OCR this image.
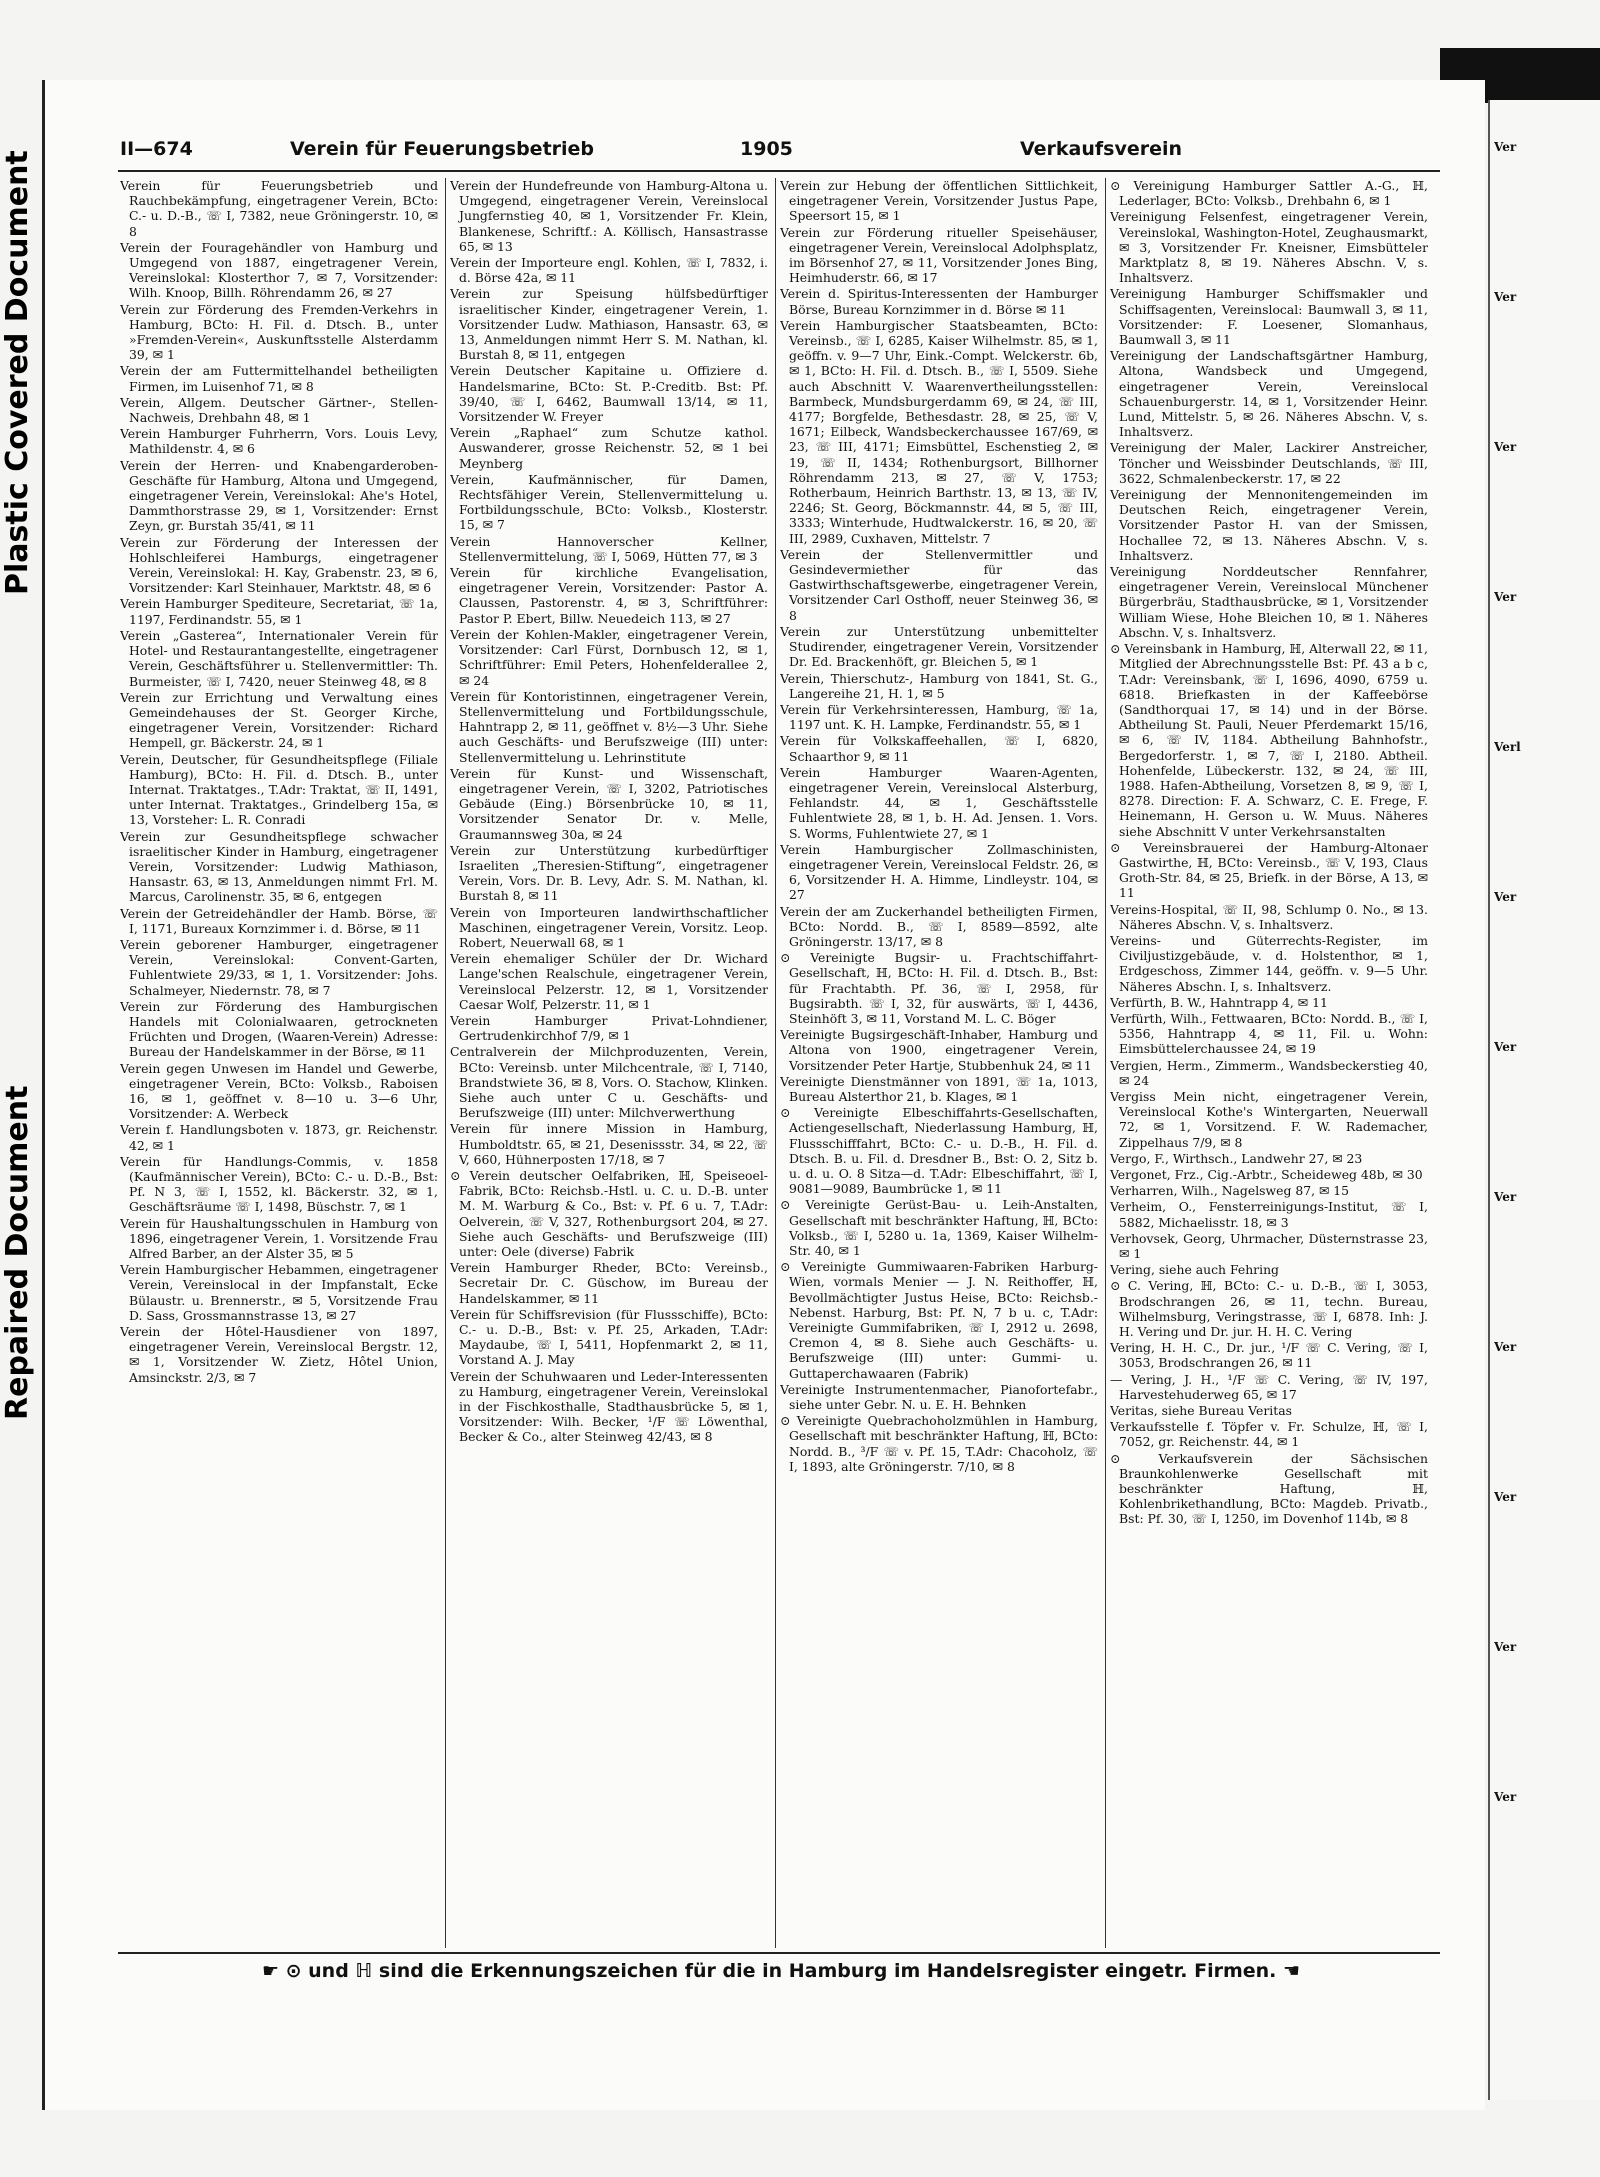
Plastic Covered Document
Repaired Document
II—674	Verein für Feuerungsbetrieb	1905	Verkaufsverein
Verein für Feuerungsbetrieb und Rauchbekämpfung, eingetragener Verein, BCto: C.- u. D.-B., ☏ I, 7382, neue Gröningerstr. 10, ✉ 8
Verein der Fouragehändler von Hamburg und Umgegend von 1887, eingetragener Verein, Vereinslokal: Klosterthor 7, ✉ 7, Vorsitzender: Wilh. Knoop, Billh. Röhrendamm 26, ✉ 27
Verein zur Förderung des Fremden-Verkehrs in Hamburg, BCto: H. Fil. d. Dtsch. B., unter »Fremden-Verein«, Auskunftsstelle Alsterdamm 39, ✉ 1
Verein der am Futtermittelhandel betheiligten Firmen, im Luisenhof 71, ✉ 8
Verein, Allgem. Deutscher Gärtner-, Stellen-Nachweis, Drehbahn 48, ✉ 1
Verein Hamburger Fuhrherrn, Vors. Louis Levy, Mathildenstr. 4, ✉ 6
Verein der Herren- und Knabengarderoben-Geschäfte für Hamburg, Altona und Umgegend, eingetragener Verein, Vereinslokal: Ahe's Hotel, Dammthorstrasse 29, ✉ 1, Vorsitzender: Ernst Zeyn, gr. Burstah 35/41, ✉ 11
Verein zur Förderung der Interessen der Hohlschleiferei Hamburgs, eingetragener Verein, Vereinslokal: H. Kay, Grabenstr. 23, ✉ 6, Vorsitzender: Karl Steinhauer, Marktstr. 48, ✉ 6
Verein Hamburger Spediteure, Secretariat, ☏ 1a, 1197, Ferdinandstr. 55, ✉ 1
Verein „Gasterea“, Internationaler Verein für Hotel- und Restaurantangestellte, eingetragener Verein, Geschäftsführer u. Stellenvermittler: Th. Burmeister, ☏ I, 7420, neuer Steinweg 48, ✉ 8
Verein zur Errichtung und Verwaltung eines Gemeindehauses der St. Georger Kirche, eingetragener Verein, Vorsitzender: Richard Hempell, gr. Bäckerstr. 24, ✉ 1
Verein, Deutscher, für Gesundheitspflege (Filiale Hamburg), BCto: H. Fil. d. Dtsch. B., unter Internat. Traktatges., T.Adr: Traktat, ☏ II, 1491, unter Internat. Traktatges., Grindelberg 15a, ✉ 13, Vorsteher: L. R. Conradi
Verein zur Gesundheitspflege schwacher israelitischer Kinder in Hamburg, eingetragener Verein, Vorsitzender: Ludwig Mathiason, Hansastr. 63, ✉ 13, Anmeldungen nimmt Frl. M. Marcus, Carolinenstr. 35, ✉ 6, entgegen
Verein der Getreidehändler der Hamb. Börse, ☏ I, 1171, Bureaux Kornzimmer i. d. Börse, ✉ 11
Verein geborener Hamburger, eingetragener Verein, Vereinslokal: Convent-Garten, Fuhlentwiete 29/33, ✉ 1, 1. Vorsitzender: Johs. Schalmeyer, Niedernstr. 78, ✉ 7
Verein zur Förderung des Hamburgischen Handels mit Colonialwaaren, getrockneten Früchten und Drogen, (Waaren-Verein) Adresse: Bureau der Handelskammer in der Börse, ✉ 11
Verein gegen Unwesen im Handel und Gewerbe, eingetragener Verein, BCto: Volksb., Raboisen 16, ✉ 1, geöffnet v. 8—10 u. 3—6 Uhr, Vorsitzender: A. Werbeck
Verein f. Handlungsboten v. 1873, gr. Reichenstr. 42, ✉ 1
Verein für Handlungs-Commis, v. 1858 (Kaufmännischer Verein), BCto: C.- u. D.-B., Bst: Pf. N 3, ☏ I, 1552, kl. Bäckerstr. 32, ✉ 1, Geschäftsräume ☏ I, 1498, Büschstr. 7, ✉ 1
Verein für Haushaltungsschulen in Hamburg von 1896, eingetragener Verein, 1. Vorsitzende Frau Alfred Barber, an der Alster 35, ✉ 5
Verein Hamburgischer Hebammen, eingetragener Verein, Vereinslocal in der Impfanstalt, Ecke Bülaustr. u. Brennerstr., ✉ 5, Vorsitzende Frau D. Sass, Grossmannstrasse 13, ✉ 27
Verein der Hôtel-Hausdiener von 1897, eingetragener Verein, Vereinslocal Bergstr. 12, ✉ 1, Vorsitzender W. Zietz, Hôtel Union, Amsinckstr. 2/3, ✉ 7
Verein der Hundefreunde von Hamburg-Altona u. Umgegend, eingetragener Verein, Vereinslocal Jungfernstieg 40, ✉ 1, Vorsitzender Fr. Klein, Blankenese, Schriftf.: A. Köllisch, Hansastrasse 65, ✉ 13
Verein der Importeure engl. Kohlen, ☏ I, 7832, i. d. Börse 42a, ✉ 11
Verein zur Speisung hülfsbedürftiger israelitischer Kinder, eingetragener Verein, 1. Vorsitzender Ludw. Mathiason, Hansastr. 63, ✉ 13, Anmeldungen nimmt Herr S. M. Nathan, kl. Burstah 8, ✉ 11, entgegen
Verein Deutscher Kapitaine u. Offiziere d. Handelsmarine, BCto: St. P.-Creditb. Bst: Pf. 39/40, ☏ I, 6462, Baumwall 13/14, ✉ 11, Vorsitzender W. Freyer
Verein „Raphael“ zum Schutze kathol. Auswanderer, grosse Reichenstr. 52, ✉ 1 bei Meynberg
Verein, Kaufmännischer, für Damen, Rechtsfähiger Verein, Stellenvermittelung u. Fortbildungsschule, BCto: Volksb., Klosterstr. 15, ✉ 7
Verein Hannoverscher Kellner, Stellenvermittelung, ☏ I, 5069, Hütten 77, ✉ 3
Verein für kirchliche Evangelisation, eingetragener Verein, Vorsitzender: Pastor A. Claussen, Pastorenstr. 4, ✉ 3, Schriftführer: Pastor P. Ebert, Billw. Neuedeich 113, ✉ 27
Verein der Kohlen-Makler, eingetragener Verein, Vorsitzender: Carl Fürst, Dornbusch 12, ✉ 1, Schriftführer: Emil Peters, Hohenfelderallee 2, ✉ 24
Verein für Kontoristinnen, eingetragener Verein, Stellenvermittelung und Fortbildungsschule, Hahntrapp 2, ✉ 11, geöffnet v. 8½—3 Uhr. Siehe auch Geschäfts- und Berufszweige (III) unter: Stellenvermittelung u. Lehrinstitute
Verein für Kunst- und Wissenschaft, eingetragener Verein, ☏ I, 3202, Patriotisches Gebäude (Eing.) Börsenbrücke 10, ✉ 11, Vorsitzender Senator Dr. v. Melle, Graumannsweg 30a, ✉ 24
Verein zur Unterstützung kurbedürftiger Israeliten „Theresien-Stiftung“, eingetragener Verein, Vors. Dr. B. Levy, Adr. S. M. Nathan, kl. Burstah 8, ✉ 11
Verein von Importeuren landwirthschaftlicher Maschinen, eingetragener Verein, Vorsitz. Leop. Robert, Neuerwall 68, ✉ 1
Verein ehemaliger Schüler der Dr. Wichard Lange'schen Realschule, eingetragener Verein, Vereinslocal Pelzerstr. 12, ✉ 1, Vorsitzender Caesar Wolf, Pelzerstr. 11, ✉ 1
Verein Hamburger Privat-Lohndiener, Gertrudenkirchhof 7/9, ✉ 1
Centralverein der Milchproduzenten, Verein, BCto: Vereinsb. unter Milchcentrale, ☏ I, 7140, Brandstwiete 36, ✉ 8, Vors. O. Stachow, Klinken. Siehe auch unter C u. Geschäfts- und Berufszweige (III) unter: Milchverwerthung
Verein für innere Mission in Hamburg, Humboldtstr. 65, ✉ 21, Desenissstr. 34, ✉ 22, ☏ V, 660, Hühnerposten 17/18, ✉ 7
⊙ Verein deutscher Oelfabriken, ℍ, Speiseoel-Fabrik, BCto: Reichsb.-Hstl. u. C. u. D.-B. unter M. M. Warburg & Co., Bst: v. Pf. 6 u. 7, T.Adr: Oelverein, ☏ V, 327, Rothenburgsort 204, ✉ 27. Siehe auch Geschäfts- und Berufszweige (III) unter: Oele (diverse) Fabrik
Verein Hamburger Rheder, BCto: Vereinsb., Secretair Dr. C. Güschow, im Bureau der Handelskammer, ✉ 11
Verein für Schiffsrevision (für Flussschiffe), BCto: C.- u. D.-B., Bst: v. Pf. 25, Arkaden, T.Adr: Maydaube, ☏ I, 5411, Hopfenmarkt 2, ✉ 11, Vorstand A. J. May
Verein der Schuhwaaren und Leder-Interessenten zu Hamburg, eingetragener Verein, Vereinslokal in der Fischkosthalle, Stadthausbrücke 5, ✉ 1, Vorsitzender: Wilh. Becker, ¹/F ☏ Löwenthal, Becker & Co., alter Steinweg 42/43, ✉ 8
Verein zur Hebung der öffentlichen Sittlichkeit, eingetragener Verein, Vorsitzender Justus Pape, Speersort 15, ✉ 1
Verein zur Förderung ritueller Speisehäuser, eingetragener Verein, Vereinslocal Adolphsplatz, im Börsenhof 27, ✉ 11, Vorsitzender Jones Bing, Heimhuderstr. 66, ✉ 17
Verein d. Spiritus-Interessenten der Hamburger Börse, Bureau Kornzimmer in d. Börse ✉ 11
Verein Hamburgischer Staatsbeamten, BCto: Vereinsb., ☏ I, 6285, Kaiser Wilhelmstr. 85, ✉ 1, geöffn. v. 9—7 Uhr, Eink.-Compt. Welckerstr. 6b, ✉ 1, BCto: H. Fil. d. Dtsch. B., ☏ I, 5509. Siehe auch Abschnitt V. Waarenvertheilungsstellen: Barmbeck, Mundsburgerdamm 69, ✉ 24, ☏ III, 4177; Borgfelde, Bethesdastr. 28, ✉ 25, ☏ V, 1671; Eilbeck, Wandsbeckerchaussee 167/69, ✉ 23, ☏ III, 4171; Eimsbüttel, Eschenstieg 2, ✉ 19, ☏ II, 1434; Rothenburgsort, Billhorner Röhrendamm 213, ✉ 27, ☏ V, 1753; Rotherbaum, Heinrich Barthstr. 13, ✉ 13, ☏ IV, 2246; St. Georg, Böckmannstr. 44, ✉ 5, ☏ III, 3333; Winterhude, Hudtwalckerstr. 16, ✉ 20, ☏ III, 2989, Cuxhaven, Mittelstr. 7
Verein der Stellenvermittler und Gesindevermiether für das Gastwirthschaftsgewerbe, eingetragener Verein, Vorsitzender Carl Osthoff, neuer Steinweg 36, ✉ 8
Verein zur Unterstützung unbemittelter Studirender, eingetragener Verein, Vorsitzender Dr. Ed. Brackenhöft, gr. Bleichen 5, ✉ 1
Verein, Thierschutz-, Hamburg von 1841, St. G., Langereihe 21, H. 1, ✉ 5
Verein für Verkehrsinteressen, Hamburg, ☏ 1a, 1197 unt. K. H. Lampke, Ferdinandstr. 55, ✉ 1
Verein für Volkskaffeehallen, ☏ I, 6820, Schaarthor 9, ✉ 11
Verein Hamburger Waaren-Agenten, eingetragener Verein, Vereinslocal Alsterburg, Fehlandstr. 44, ✉ 1, Geschäftsstelle Fuhlentwiete 28, ✉ 1, b. H. Ad. Jensen. 1. Vors. S. Worms, Fuhlentwiete 27, ✉ 1
Verein Hamburgischer Zollmaschinisten, eingetragener Verein, Vereinslocal Feldstr. 26, ✉ 6, Vorsitzender H. A. Himme, Lindleystr. 104, ✉ 27
Verein der am Zuckerhandel betheiligten Firmen, BCto: Nordd. B., ☏ I, 8589—8592, alte Gröningerstr. 13/17, ✉ 8
⊙ Vereinigte Bugsir- u. Frachtschiffahrt-Gesellschaft, ℍ, BCto: H. Fil. d. Dtsch. B., Bst: für Frachtabth. Pf. 36, ☏ I, 2958, für Bugsirabth. ☏ I, 32, für auswärts, ☏ I, 4436, Steinhöft 3, ✉ 11, Vorstand M. L. C. Böger
Vereinigte Bugsirgeschäft-Inhaber, Hamburg und Altona von 1900, eingetragener Verein, Vorsitzender Peter Hartje, Stubbenhuk 24, ✉ 11
Vereinigte Dienstmänner von 1891, ☏ 1a, 1013, Bureau Alsterthor 21, b. Klages, ✉ 1
⊙ Vereinigte Elbeschiffahrts-Gesellschaften, Actiengesellschaft, Niederlassung Hamburg, ℍ, Flussschifffahrt, BCto: C.- u. D.-B., H. Fil. d. Dtsch. B. u. Fil. d. Dresdner B., Bst: O. 2, Sitz b. u. d. u. O. 8 Sitza—d. T.Adr: Elbeschiffahrt, ☏ I, 9081—9089, Baumbrücke 1, ✉ 11
⊙ Vereinigte Gerüst-Bau- u. Leih-Anstalten, Gesellschaft mit beschränkter Haftung, ℍ, BCto: Volksb., ☏ I, 5280 u. 1a, 1369, Kaiser Wilhelm-Str. 40, ✉ 1
⊙ Vereinigte Gummiwaaren-Fabriken Harburg-Wien, vormals Menier — J. N. Reithoffer, ℍ, Bevollmächtigter Justus Heise, BCto: Reichsb.-Nebenst. Harburg, Bst: Pf. N, 7 b u. c, T.Adr: Vereinigte Gummifabriken, ☏ I, 2912 u. 2698, Cremon 4, ✉ 8. Siehe auch Geschäfts- u. Berufszweige (III) unter: Gummi- u. Guttaperchawaaren (Fabrik)
Vereinigte Instrumentenmacher, Pianofortefabr., siehe unter Gebr. N. u. E. H. Behnken
⊙ Vereinigte Quebrachoholzmühlen in Hamburg, Gesellschaft mit beschränkter Haftung, ℍ, BCto: Nordd. B., ³/F ☏ v. Pf. 15, T.Adr: Chacoholz, ☏ I, 1893, alte Gröningerstr. 7/10, ✉ 8
⊙ Vereinigung Hamburger Sattler A.-G., ℍ, Lederlager, BCto: Volksb., Drehbahn 6, ✉ 1
Vereinigung Felsenfest, eingetragener Verein, Vereinslokal, Washington-Hotel, Zeughausmarkt, ✉ 3, Vorsitzender Fr. Kneisner, Eimsbütteler Marktplatz 8, ✉ 19. Näheres Abschn. V, s. Inhaltsverz.
Vereinigung Hamburger Schiffsmakler und Schiffsagenten, Vereinslocal: Baumwall 3, ✉ 11, Vorsitzender: F. Loesener, Slomanhaus, Baumwall 3, ✉ 11
Vereinigung der Landschaftsgärtner Hamburg, Altona, Wandsbeck und Umgegend, eingetragener Verein, Vereinslocal Schauenburgerstr. 14, ✉ 1, Vorsitzender Heinr. Lund, Mittelstr. 5, ✉ 26. Näheres Abschn. V, s. Inhaltsverz.
Vereinigung der Maler, Lackirer Anstreicher, Töncher und Weissbinder Deutschlands, ☏ III, 3622, Schmalenbeckerstr. 17, ✉ 22
Vereinigung der Mennonitengemeinden im Deutschen Reich, eingetragener Verein, Vorsitzender Pastor H. van der Smissen, Hochallee 72, ✉ 13. Näheres Abschn. V, s. Inhaltsverz.
Vereinigung Norddeutscher Rennfahrer, eingetragener Verein, Vereinslocal Münchener Bürgerbräu, Stadthausbrücke, ✉ 1, Vorsitzender William Wiese, Hohe Bleichen 10, ✉ 1. Näheres Abschn. V, s. Inhaltsverz.
⊙ Vereinsbank in Hamburg, ℍ, Alterwall 22, ✉ 11, Mitglied der Abrechnungsstelle Bst: Pf. 43 a b c, T.Adr: Vereinsbank, ☏ I, 1696, 4090, 6759 u. 6818. Briefkasten in der Kaffeebörse (Sandthorquai 17, ✉ 14) und in der Börse. Abtheilung St. Pauli, Neuer Pferdemarkt 15/16, ✉ 6, ☏ IV, 1184. Abtheilung Bahnhofstr., Bergedorferstr. 1, ✉ 7, ☏ I, 2180. Abtheil. Hohenfelde, Lübeckerstr. 132, ✉ 24, ☏ III, 1988. Hafen-Abtheilung, Vorsetzen 8, ✉ 9, ☏ I, 8278. Direction: F. A. Schwarz, C. E. Frege, F. Heinemann, H. Gerson u. W. Muus. Näheres siehe Abschnitt V unter Verkehrsanstalten
⊙ Vereinsbrauerei der Hamburg-Altonaer Gastwirthe, ℍ, BCto: Vereinsb., ☏ V, 193, Claus Groth-Str. 84, ✉ 25, Briefk. in der Börse, A 13, ✉ 11
Vereins-Hospital, ☏ II, 98, Schlump 0. No., ✉ 13. Näheres Abschn. V, s. Inhaltsverz.
Vereins- und Güterrechts-Register, im Civiljustizgebäude, v. d. Holstenthor, ✉ 1, Erdgeschoss, Zimmer 144, geöffn. v. 9—5 Uhr. Näheres Abschn. I, s. Inhaltsverz.
Verfürth, B. W., Hahntrapp 4, ✉ 11
Verfürth, Wilh., Fettwaaren, BCto: Nordd. B., ☏ I, 5356, Hahntrapp 4, ✉ 11, Fil. u. Wohn: Eimsbüttelerchaussee 24, ✉ 19
Vergien, Herm., Zimmerm., Wandsbeckerstieg 40, ✉ 24
Vergiss Mein nicht, eingetragener Verein, Vereinslocal Kothe's Wintergarten, Neuerwall 72, ✉ 1, Vorsitzend. F. W. Rademacher, Zippelhaus 7/9, ✉ 8
Vergo, F., Wirthsch., Landwehr 27, ✉ 23
Vergonet, Frz., Cig.-Arbtr., Scheideweg 48b, ✉ 30
Verharren, Wilh., Nagelsweg 87, ✉ 15
Verheim, O., Fensterreinigungs-Institut, ☏ I, 5882, Michaelisstr. 18, ✉ 3
Verhovsek, Georg, Uhrmacher, Düsternstrasse 23, ✉ 1
Vering, siehe auch Fehring
⊙ C. Vering, ℍ, BCto: C.- u. D.-B., ☏ I, 3053, Brodschrangen 26, ✉ 11, techn. Bureau, Wilhelmsburg, Veringstrasse, ☏ I, 6878. Inh: J. H. Vering und Dr. jur. H. H. C. Vering
Vering, H. H. C., Dr. jur., ¹/F ☏ C. Vering, ☏ I, 3053, Brodschrangen 26, ✉ 11
— Vering, J. H., ¹/F ☏ C. Vering, ☏ IV, 197, Harvestehuderweg 65, ✉ 17
Veritas, siehe Bureau Veritas
Verkaufsstelle f. Töpfer v. Fr. Schulze, ℍ, ☏ I, 7052, gr. Reichenstr. 44, ✉ 1
⊙ Verkaufsverein der Sächsischen Braunkohlenwerke Gesellschaft mit beschränkter Haftung, ℍ, Kohlenbrikethandlung, BCto: Magdeb. Privatb., Bst: Pf. 30, ☏ I, 1250, im Dovenhof 114b, ✉ 8
☛ ⊙ und ℍ sind die Erkennungszeichen für die in Hamburg im Handelsregister eingetr. Firmen. ☚
Ver
Ver
Ver
Ver
Verl
Ver
Ver
Ver
Ver
Ver
Ver
Ver
